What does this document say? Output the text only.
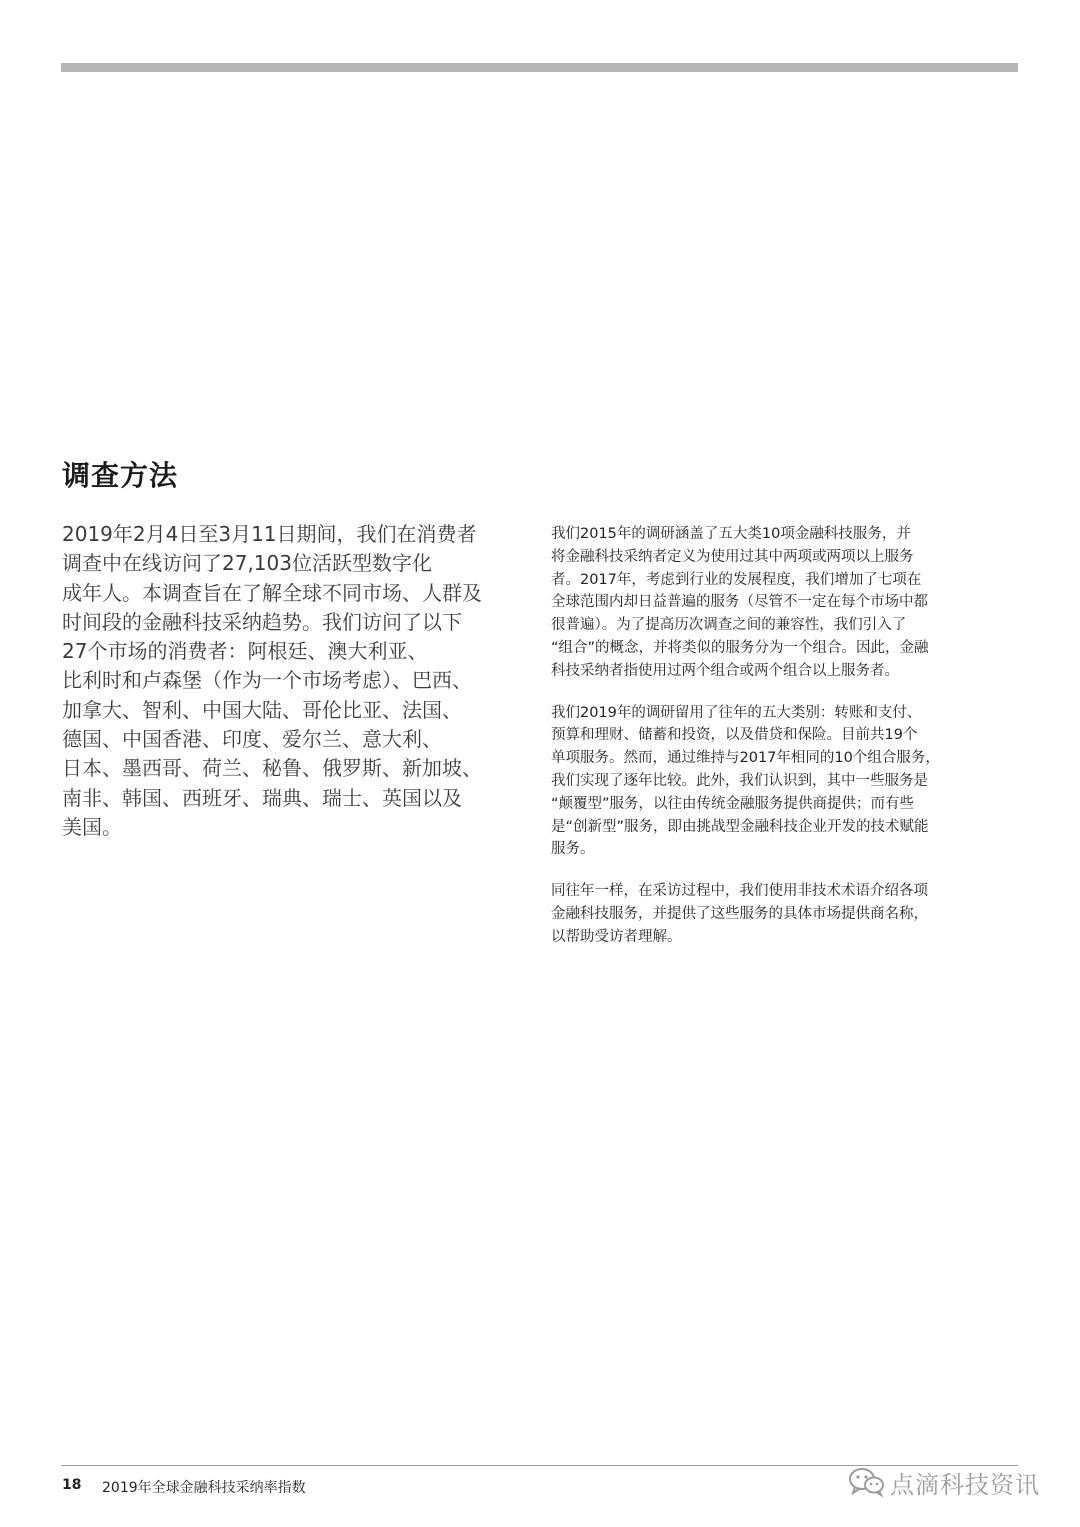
调查方法
2019年2月4日至3月11日期间，我们在消费者
调查中在线访问了27,103位活跃型数字化
成年人。本调查旨在了解全球不同市场、人群及
时间段的金融科技采纳趋势。我们访问了以下
27个市场的消费者：阿根廷、澳大利亚、
比利时和卢森堡（作为一个市场考虑）、巴西、
加拿大、智利、中国大陆、哥伦比亚、法国、
德国、中国香港、印度、爱尔兰、意大利、
日本、墨西哥、荷兰、秘鲁、俄罗斯、新加坡、
南非、韩国、西班牙、瑞典、瑞士、英国以及
美国。
我们2015年的调研涵盖了五大类10项金融科技服务，并
将金融科技采纳者定义为使用过其中两项或两项以上服务
者。2017年，考虑到行业的发展程度，我们增加了七项在
全球范围内却日益普遍的服务（尽管不一定在每个市场中都
很普遍）。为了提高历次调查之间的兼容性，我们引入了
“组合”的概念，并将类似的服务分为一个组合。因此，金融
科技采纳者指使用过两个组合或两个组合以上服务者。
我们2019年的调研留用了往年的五大类别：转账和支付、
预算和理财、储蓄和投资，以及借贷和保险。目前共19个
单项服务。然而，通过维持与2017年相同的10个组合服务，
我们实现了逐年比较。此外，我们认识到，其中一些服务是
“颠覆型”服务，以往由传统金融服务提供商提供；而有些
是“创新型”服务，即由挑战型金融科技企业开发的技术赋能
服务。
同往年一样，在采访过程中，我们使用非技术术语介绍各项
金融科技服务，并提供了这些服务的具体市场提供商名称，
以帮助受访者理解。
18 2019年全球金融科技采纳率指数	点滴科技资讯
